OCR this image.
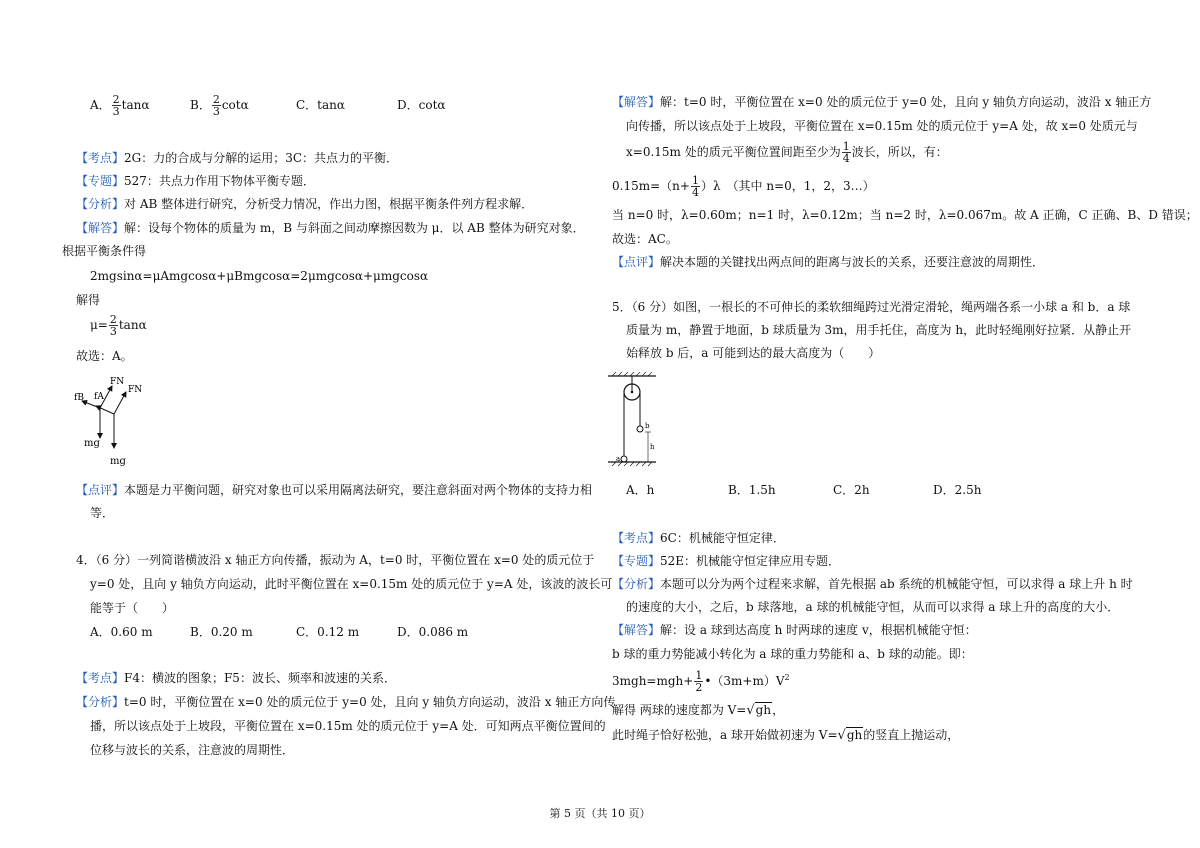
A． $\frac{2}{3}$ tanα	B． $\frac{2}{3}$ cotα	C．tanα	D．cotα
【考点】2G：力的合成与分解的运用；3C：共点力的平衡．
【专题】527：共点力作用下物体平衡专题．
【分析】对 AB 整体进行研究，分析受力情况，作出力图，根据平衡条件列方程求解．
【解答】解：设每个物体的质量为 m，B 与斜面之间动摩擦因数为 μ．以 AB 整体为研究对象．
根据平衡条件得
2mgsinα=μAmgcosα+μBmgcosα=2μmgcosα+μmgcosα
解得
$\mu= \frac{2}{3}$ tanα
故选：A。
fB fA
FN
FN
mg
mg
【点评】本题是力平衡问题，研究对象也可以采用隔离法研究，要注意斜面对两个物体的支持力相
等．
4．（6 分）一列简谐横波沿 x 轴正方向传播，振动为 A，t=0 时，平衡位置在 x=0 处的质元位于
y=0 处，且向 y 轴负方向运动，此时平衡位置在 x=0.15m 处的质元位于 y=A 处，该波的波长可
能等于（　　）
A．0.60 m	B．0.20 m	C．0.12 m	D．0.086 m
【考点】F4：横波的图象；F5：波长、频率和波速的关系．
【分析】t=0 时，平衡位置在 x=0 处的质元位于 y=0 处，且向 y 轴负方向运动，波沿 x 轴正方向传
播，所以该点处于上坡段，平衡位置在 x=0.15m 处的质元位于 y=A 处．可知两点平衡位置间的
位移与波长的关系，注意波的周期性．
【解答】解：t=0 时，平衡位置在 x=0 处的质元位于 y=0 处，且向 y 轴负方向运动，波沿 x 轴正方
向传播，所以该点处于上坡段，平衡位置在 x=0.15m 处的质元位于 y=A 处，故 x=0 处质元与
x=0.15m 处的质元平衡位置间距至少为 $\frac{1}{4}$ 波长，所以，有：
$0.15m=(n+ \frac{1}{4} )\lambda$　（其中 n=0，1，2，3…）
当 n=0 时，λ=0.60m；n=1 时，λ=0.12m；当 n=2 时，λ=0.067m。故 A 正确，C 正确、B、D 错误；
故选：AC。
【点评】解决本题的关键找出两点间的距离与波长的关系，还要注意波的周期性．
5．（6 分）如图，一根长的不可伸长的柔软细绳跨过光滑定滑轮，绳两端各系一小球 a 和 b．a 球
质量为 m，静置于地面，b 球质量为 3m，用手托住，高度为 h，此时轻绳刚好拉紧．从静止开
始释放 b 后，a 可能到达的最大高度为（　　）
b
a
h
A．h	B．1.5h	C．2h	D．2.5h
【考点】6C：机械能守恒定律．
【专题】52E：机械能守恒定律应用专题．
【分析】本题可以分为两个过程来求解，首先根据 ab 系统的机械能守恒，可以求得 a 球上升 h 时
的速度的大小，之后，b 球落地，a 球的机械能守恒，从而可以求得 a 球上升的高度的大小．
【解答】解：设 a 球到达高度 h 时两球的速度 v，根据机械能守恒：
b 球的重力势能减小转化为 a 球的重力势能和 a、b 球的动能。即：
$3mgh=mgh+ \frac{1}{2}$ $•(3m+m)V^2$
解得 两球的速度都为 V=√gh，
此时绳子恰好松弛，a 球开始做初速为 V=√gh的竖直上抛运动，
第 5 页（共 10 页）
